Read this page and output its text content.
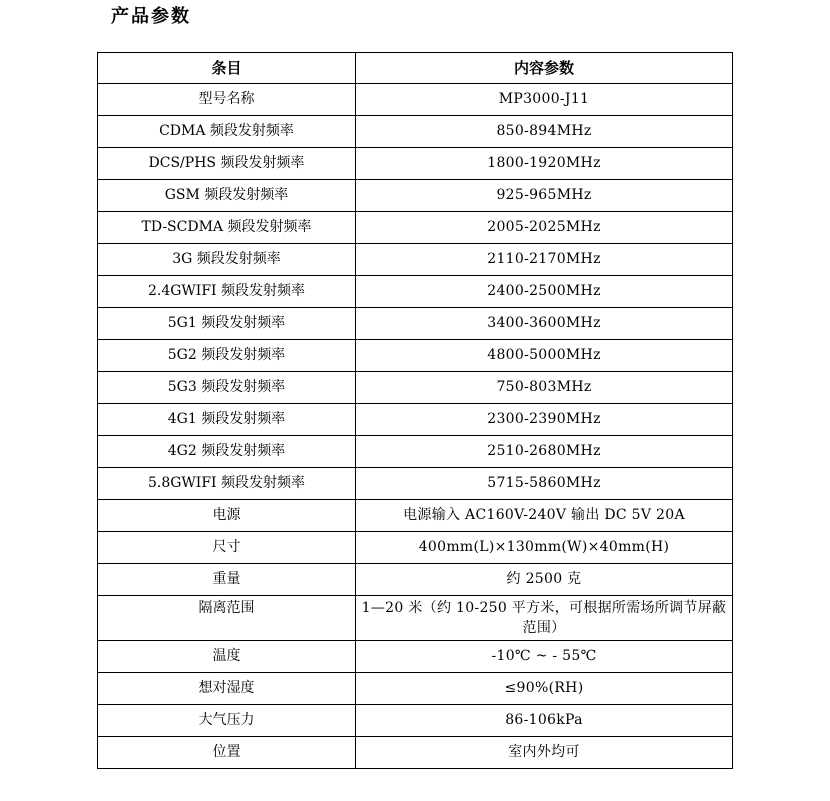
产品参数
条目	内容参数
型号名称	MP3000-J11
CDMA 频段发射频率	850-894MHz
DCS/PHS 频段发射频率	1800-1920MHz
GSM 频段发射频率	925-965MHz
TD-SCDMA 频段发射频率	2005-2025MHz
3G 频段发射频率	2110-2170MHz
2.4GWIFI 频段发射频率	2400-2500MHz
5G1 频段发射频率	3400-3600MHz
5G2 频段发射频率	4800-5000MHz
5G3 频段发射频率	750-803MHz
4G1 频段发射频率	2300-2390MHz
4G2 频段发射频率	2510-2680MHz
5.8GWIFI 频段发射频率	5715-5860MHz
电源	电源输入 AC160V-240V 输出 DC 5V 20A
尺寸	400mm(L)×130mm(W)×40mm(H)
重量	约 2500 克
隔离范围	1—20 米（约 10-250 平方米，可根据所需场所调节屏蔽范围）
温度	-10℃ ~ - 55℃
想对湿度	≤90%(RH)
大气压力	86-106kPa
位置	室内外均可
